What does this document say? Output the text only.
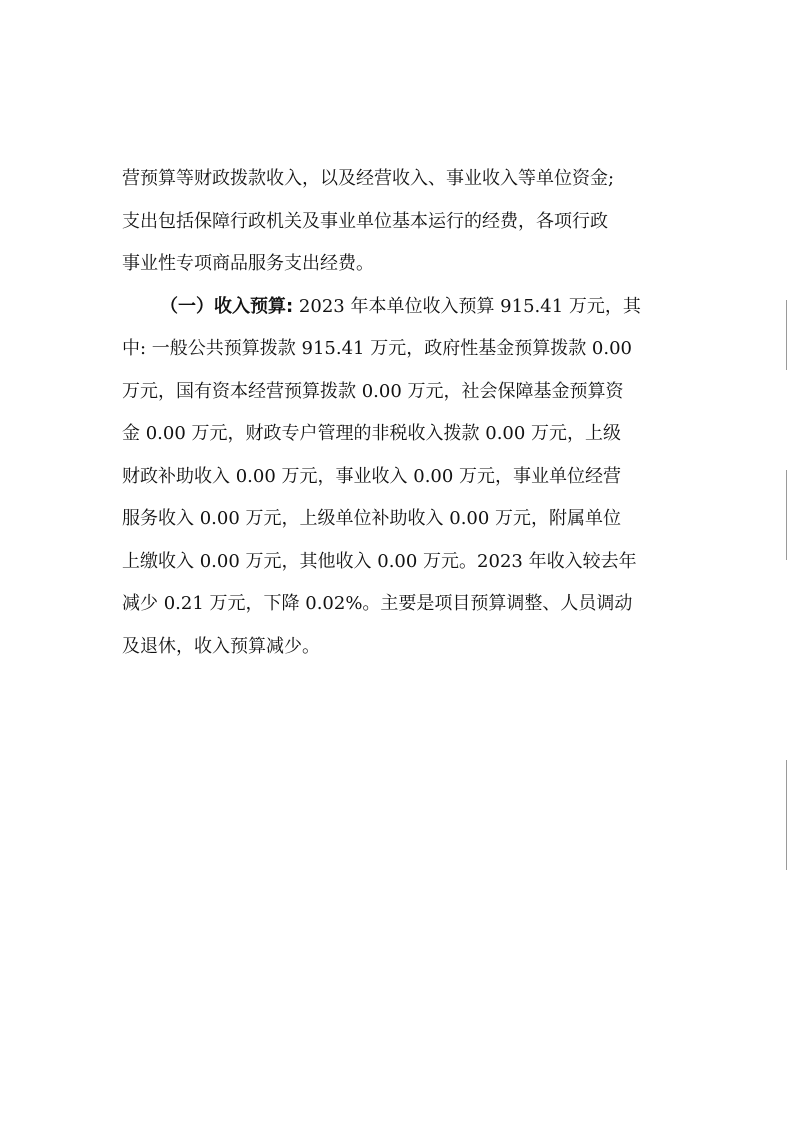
营预算等财政拨款收入，以及经营收入、事业收入等单位资金;
支出包括保障行政机关及事业单位基本运行的经费，各项行政
事业性专项商品服务支出经费。
（一）收入预算: 2023 年本单位收入预算 915.41 万元，其
中: 一般公共预算拨款 915.41 万元，政府性基金预算拨款 0.00
万元，国有资本经营预算拨款 0.00 万元，社会保障基金预算资
金 0.00 万元，财政专户管理的非税收入拨款 0.00 万元，上级
财政补助收入 0.00 万元，事业收入 0.00 万元，事业单位经营
服务收入 0.00 万元，上级单位补助收入 0.00 万元，附属单位
上缴收入 0.00 万元，其他收入 0.00 万元。2023 年收入较去年
减少 0.21 万元，下降 0.02%。主要是项目预算调整、人员调动
及退休，收入预算减少。
